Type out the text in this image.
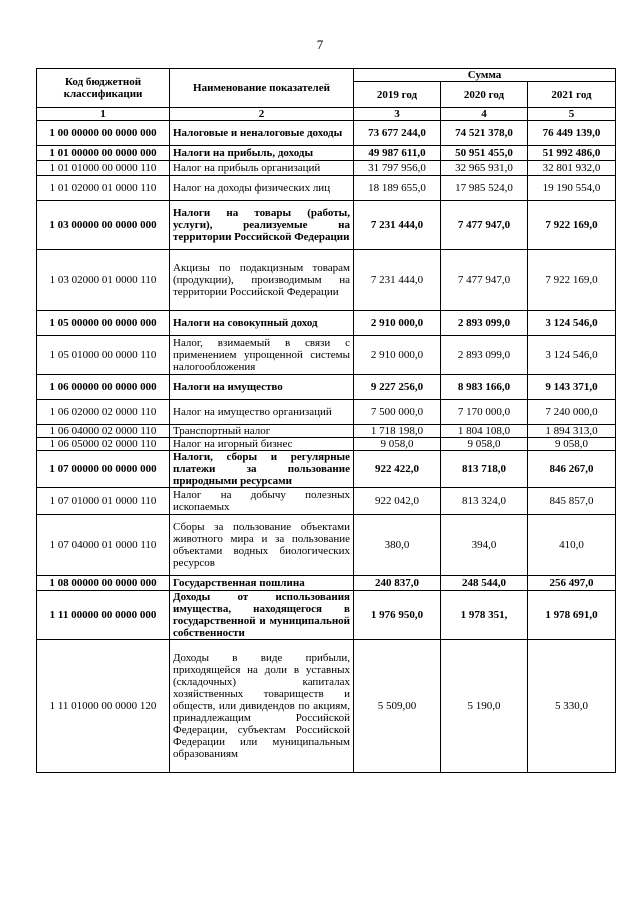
7
Код бюджетной классификации	Наименование показателей	Сумма		
		2019 год	2020 год	2021 год
1	2	3	4	5
1 00 00000 00 0000 000	Налоговые и неналоговые доходы	73 677 244,0	74 521 378,0	76 449 139,0
1 01 00000 00 0000 000	Налоги на прибыль, доходы	49 987 611,0	50 951 455,0	51 992 486,0
1 01 01000 00 0000 110	Налог на прибыль организаций	31 797 956,0	32 965 931,0	32 801 932,0
1 01 02000 01 0000 110	Налог на доходы физических лиц	18 189 655,0	17 985 524,0	19 190 554,0
1 03 00000 00 0000 000	Налоги на товары (работы, услуги), реализуемые на территории Российской Федерации	7 231 444,0	7 477 947,0	7 922 169,0
1 03 02000 01 0000 110	Акцизы по подакцизным товарам (продукции), производимым на территории Российской Федерации	7 231 444,0	7 477 947,0	7 922 169,0
1 05 00000 00 0000 000	Налоги на совокупный доход	2 910 000,0	2 893 099,0	3 124 546,0
1 05 01000 00 0000 110	Налог, взимаемый в связи с применением упрощенной системы налогообложения	2 910 000,0	2 893 099,0	3 124 546,0
1 06 00000 00 0000 000	Налоги на имущество	9 227 256,0	8 983 166,0	9 143 371,0
1 06 02000 02 0000 110	Налог на имущество организаций	7 500 000,0	7 170 000,0	7 240 000,0
1 06 04000 02 0000 110	Транспортный налог	1 718 198,0	1 804 108,0	1 894 313,0
1 06 05000 02 0000 110	Налог на игорный бизнес	9 058,0	9 058,0	9 058,0
1 07 00000 00 0000 000	Налоги, сборы и регулярные платежи за пользование природными ресурсами	922 422,0	813 718,0	846 267,0
1 07 01000 01 0000 110	Налог на добычу полезных ископаемых	922 042,0	813 324,0	845 857,0
1 07 04000 01 0000 110	Сборы за пользование объектами животного мира и за пользование объектами водных биологических ресурсов	380,0	394,0	410,0
1 08 00000 00 0000 000	Государственная пошлина	240 837,0	248 544,0	256 497,0
1 11 00000 00 0000 000	Доходы от использования имущества, находящегося в государственной и муниципальной собственности	1 976 950,0	1 978 351,	1 978 691,0
1 11 01000 00 0000 120	Доходы в виде прибыли, приходящейся на доли в уставных (складочных) капиталах хозяйственных товариществ и обществ, или дивидендов по акциям, принадлежащим Российской Федерации, субъектам Российской Федерации или муниципальным образованиям	5 509,00	5 190,0	5 330,0
